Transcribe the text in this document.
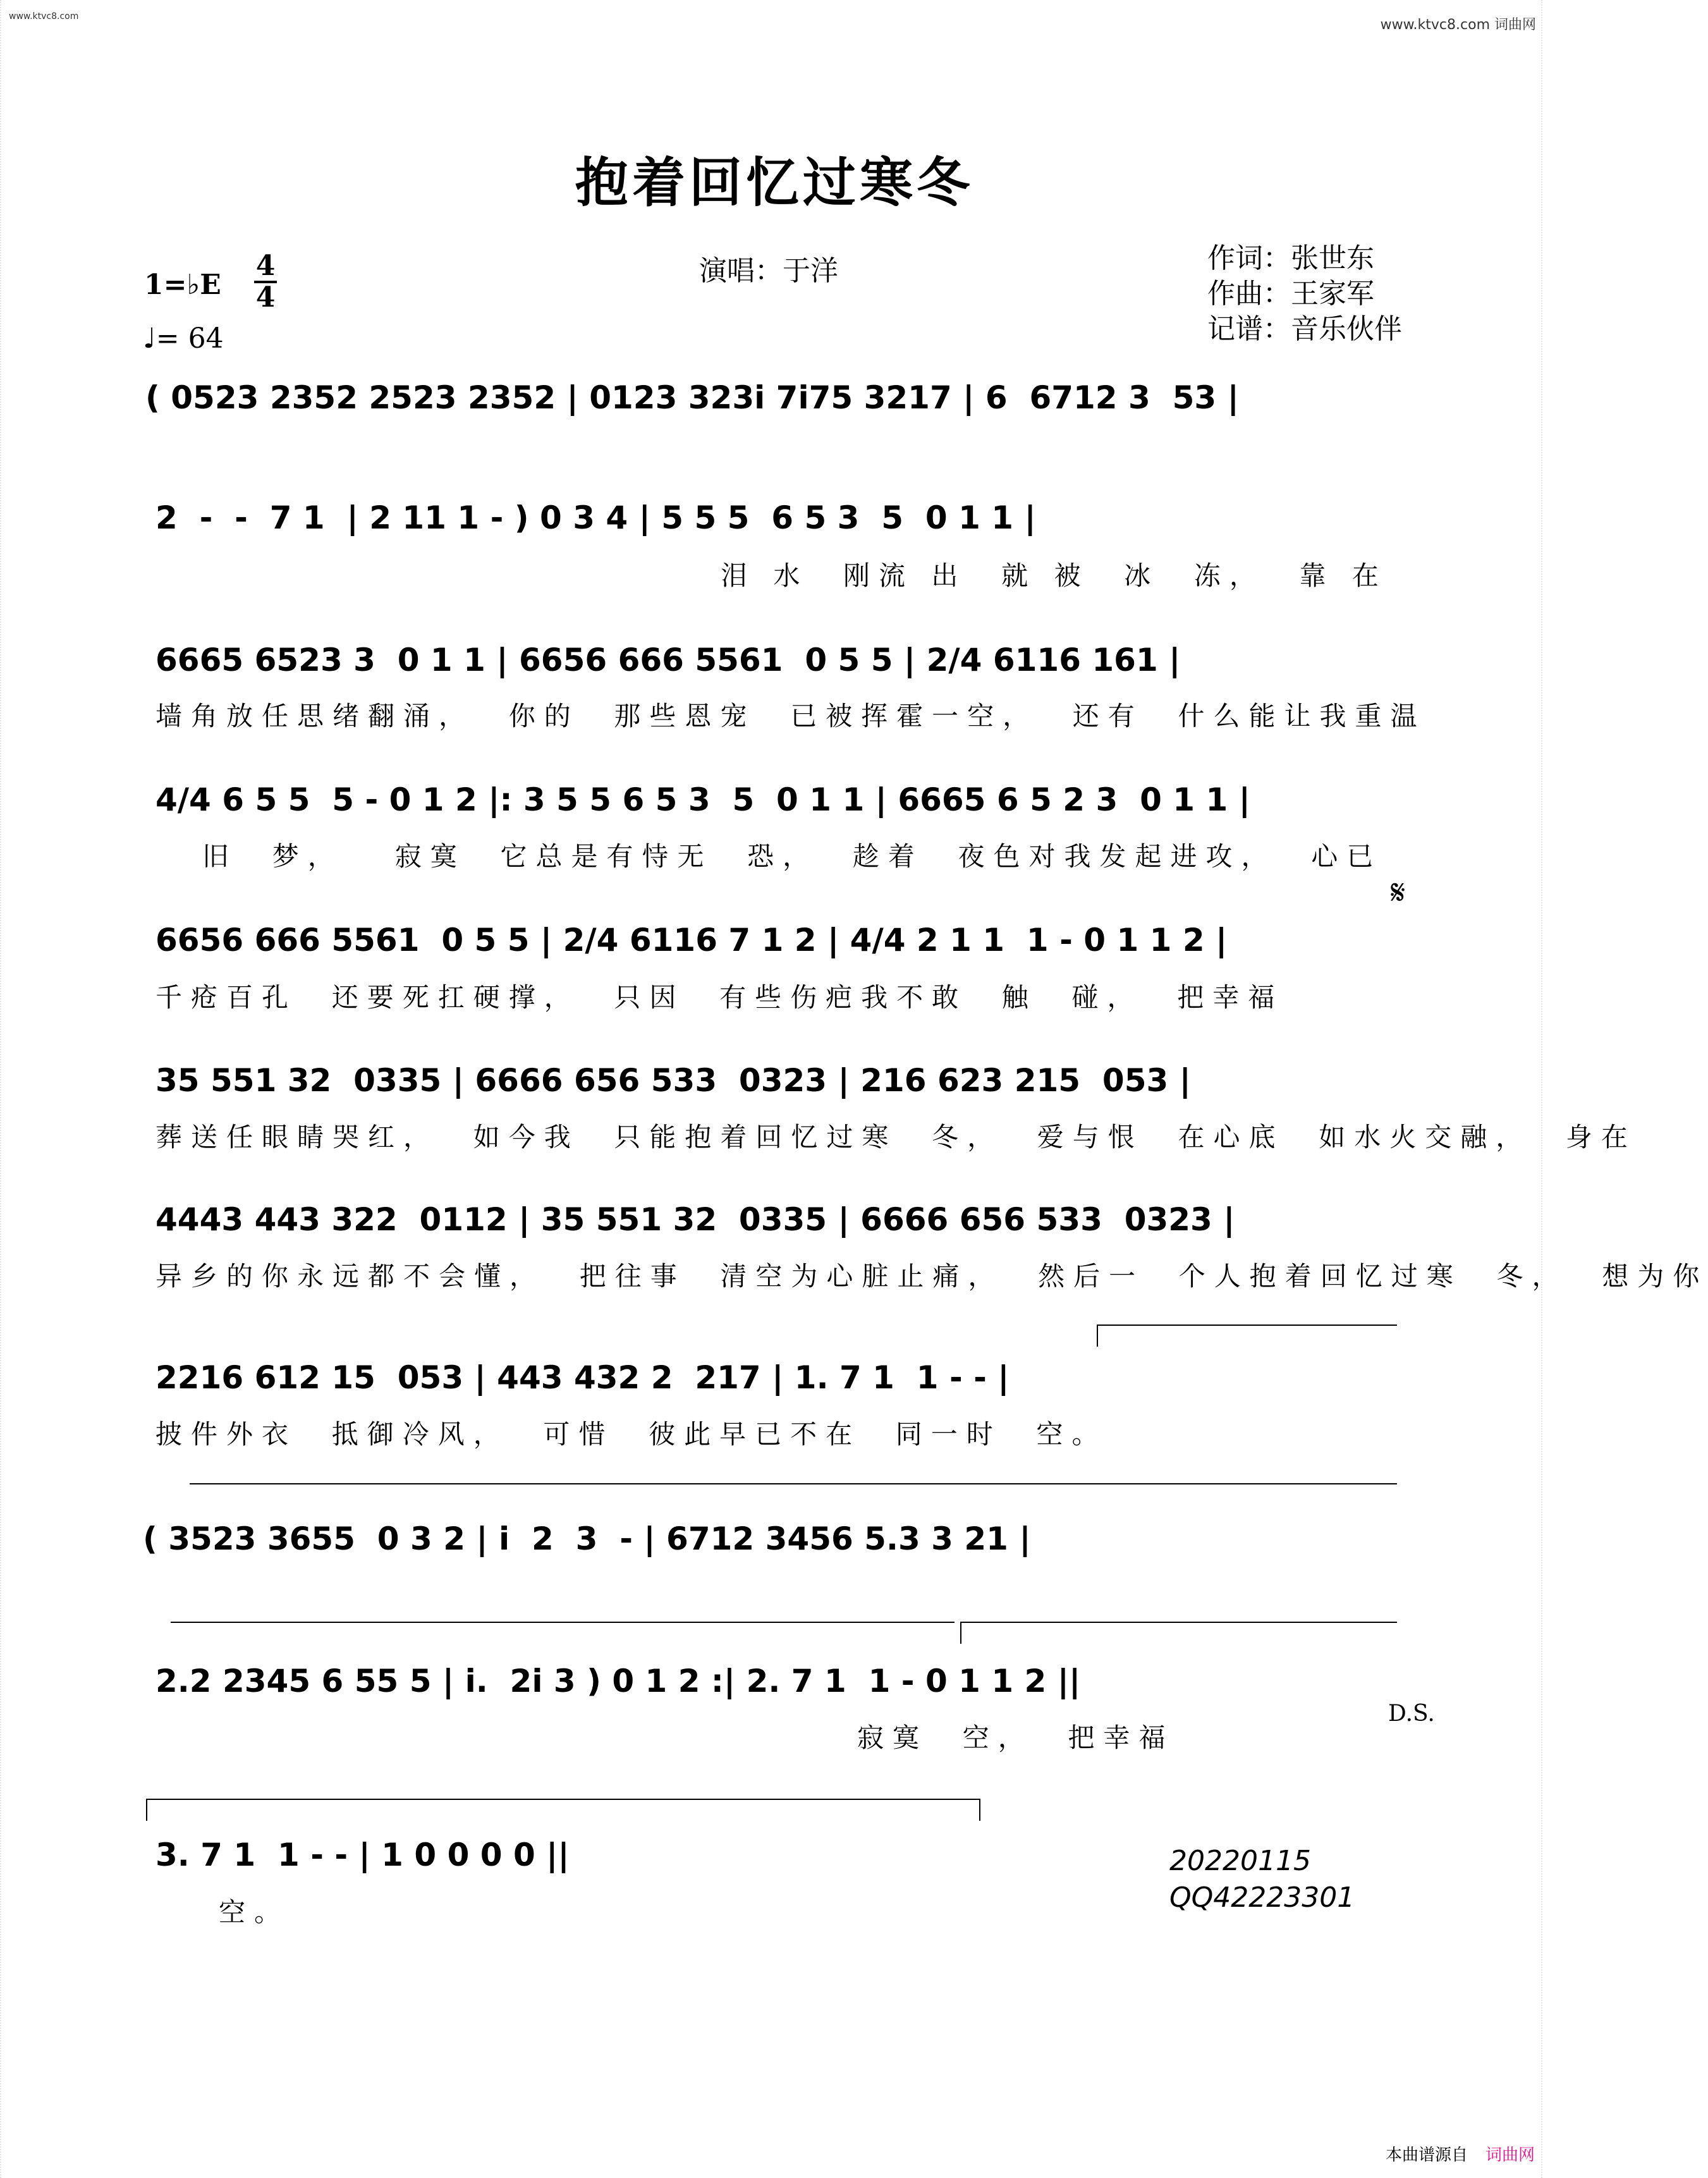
www.ktvc8.com
www.ktvc8.com 词曲网
抱着回忆过寒冬
1=♭E
4
4
♩= 64
演唱：于洋	作词：张世东
作曲：王家军
记谱：音乐伙伴
( 0523 2352 2523 2352 | 0123 323i 7i75 3217 | 6  6712 3  53 |
2  -  -  7 1  | 2 11 1 - ) 0 3 4 | 5 5 5  6 5 3  5  0 1 1 |
泪 水  刚流 出  就 被  冰  冻，  靠 在
6665 6523 3  0 1 1 | 6656 666 5561  0 5 5 | 2/4 6116 161 |
墙角放任思绪翻涌，  你的  那些恩宠  已被挥霍一空，  还有  什么能让我重温
4/4 6 5 5  5 - 0 1 2 |: 3 5 5 6 5 3  5  0 1 1 | 6665 6 5 2 3  0 1 1 |
旧  梦，   寂寞  它总是有恃无  恐，  趁着  夜色对我发起进攻，  心已
6656 666 5561  0 5 5 | 2/4 6116 7 1 2 | 4/4 2 1 1  1 - 0 1 1 2 |
千疮百孔  还要死扛硬撑，  只因  有些伤疤我不敢  触  碰，  把幸福
35 551 32  0335 | 6666 656 533  0323 | 216 623 215  053 |
葬送任眼睛哭红，  如今我  只能抱着回忆过寒  冬，  爱与恨  在心底  如水火交融，  身在
4443 443 322  0112 | 35 551 32  0335 | 6666 656 533  0323 |
异乡的你永远都不会懂，  把往事  清空为心脏止痛，  然后一  个人抱着回忆过寒  冬，  想为你
2216 612 15  053 | 443 432 2  217 | 1. 7 1  1 - - |
披件外衣  抵御冷风，  可惜  彼此早已不在  同一时  空。
( 3523 3655  0 3 2 | i  2  3  - | 6712 3456 5.3 3 21 |
2.2 2345 6 55 5 | i.  2i 3 ) 0 1 2 :| 2. 7 1  1 - 0 1 1 2 ||
寂寞  空，  把幸福
D.S.
3. 7 1  1 - - | 1 0 0 0 0 ||
空。
𝄋
20220115
QQ42223301
本曲谱源自 词曲网
